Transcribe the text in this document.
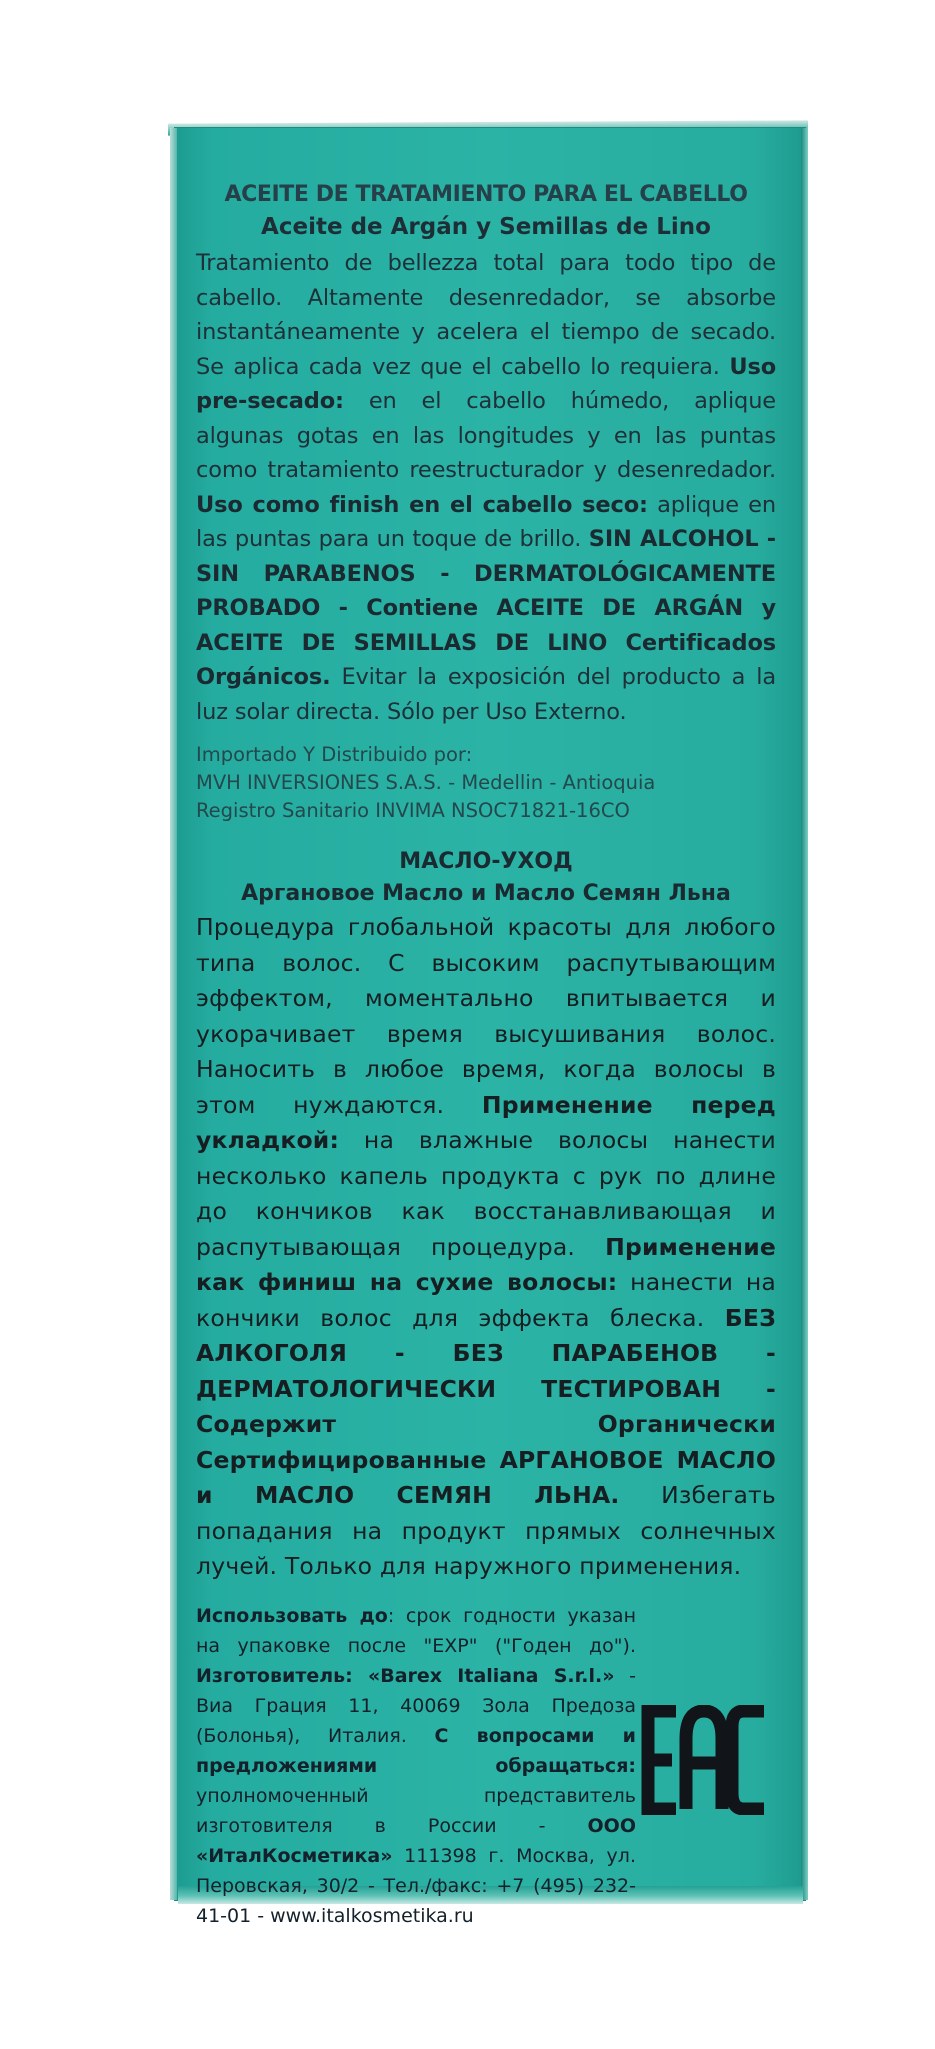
ACEITE DE TRATAMIENTO PARA EL CABELLO
Aceite de Argán y Semillas de Lino

Tratamiento de bellezza total para todo tipo de cabello. Altamente desenredador, se absorbe instantáneamente y acelera el tiempo de secado. Se aplica cada vez que el cabello lo requiera. Uso pre-secado: en el cabello húmedo, aplique algunas gotas en las longitudes y en las puntas como tratamiento reestructurador y desenredador. Uso como finish en el cabello seco: aplique en las puntas para un toque de brillo. SIN ALCOHOL - SIN PARABENOS - DERMATOLÓGICAMENTE PROBADO - Contiene ACEITE DE ARGÁN y ACEITE DE SEMILLAS DE LINO Certificados Orgánicos. Evitar la exposición del producto a la luz solar directa. Sólo per Uso Externo.

Importado Y Distribuido por:
MVH INVERSIONES S.A.S. - Medellin - Antioquia
Registro Sanitario INVIMA NSOC71821-16CO
МАСЛО-УХОД
Аргановое Масло и Масло Семян Льна

Процедура глобальной красоты для любого типа волос. С высоким распутывающим эффектом, моментально впитывается и укорачивает время высушивания волос. Наносить в любое время, когда волосы в этом нуждаются. Применение перед укладкой: на влажные волосы нанести несколько капель продукта с рук по длине до кончиков как восстанавливающая и распутывающая процедура. Применение как финиш на сухие волосы: нанести на кончики волос для эффекта блеска. БЕЗ АЛКОГОЛЯ - БЕЗ ПАРАБЕНОВ - ДЕРМАТОЛОГИЧЕСКИ ТЕСТИРОВАН - Содержит Органически Сертифицированные АРГАНОВОЕ МАСЛО и МАСЛО СЕМЯН ЛЬНА. Избегать попадания на продукт прямых солнечных лучей. Только для наружного применения.

Использовать до: срок годности указан на упаковке после "EXP" ("Годен до"). Изготовитель: «Barex Italiana S.r.l.» - Виа Грация 11, 40069 Зола Предоза (Болонья), Италия. С вопросами и предложениями обращаться: уполномоченный представитель изготовителя в России - ООО «ИталКосметика» 111398 г. Москва, ул. Перовская, 30/2 - Тел./факс: +7 (495) 232-41-01 - www.italkosmetika.ru

EAC
